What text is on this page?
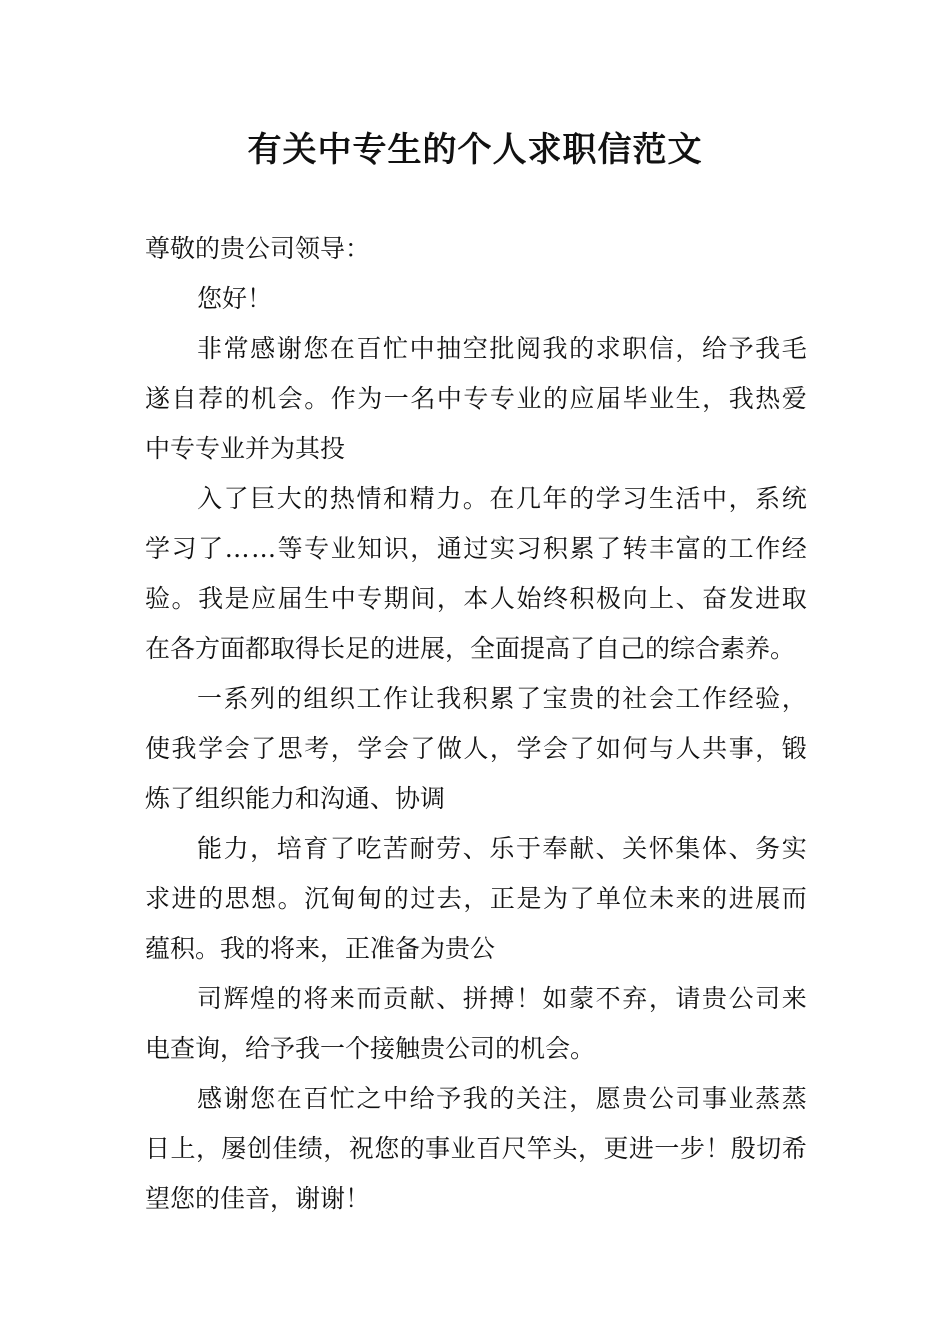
有关中专生的个人求职信范文
尊敬的贵公司领导：
您好！
非 常 感 谢 您 在 百 忙 中 抽 空 批 阅 我 的 求 职 信 ， 给 予 我 毛
遂 自 荐 的 机 会 。 作 为 一 名 中 专 专 业 的 应 届 毕 业 生 ， 我 热 爱
中专专业并为其投
入 了 巨 大 的 热 情 和 精 力 。 在 几 年 的 学 习 生 活 中 ， 系 统
学 习 了 … … 等 专 业 知 识 ， 通 过 实 习 积 累 了 转 丰 富 的 工 作 经
验 。 我 是 应 届 生 中 专 期 间 ， 本 人 始 终 积 极 向 上 、 奋 发 进 取
在各方面都取得长足的进展，全面提高了自己的综合素养。
一 系 列 的 组 织 工 作 让 我 积 累 了 宝 贵 的 社 会 工 作 经 验 ，
使 我 学 会 了 思 考 ， 学 会 了 做 人 ， 学 会 了 如 何 与 人 共 事 ， 锻
炼了组织能力和沟通、协调
能 力 ， 培 育 了 吃 苦 耐 劳 、 乐 于 奉 献 、 关 怀 集 体 、 务 实
求 进 的 思 想 。 沉 甸 甸 的 过 去 ， 正 是 为 了 单 位 未 来 的 进 展 而
蕴积。我的将来，正准备为贵公
司 辉 煌 的 将 来 而 贡 献 、 拼 搏 ！ 如 蒙 不 弃 ， 请 贵 公 司 来
电查询，给予我一个接触贵公司的机会。
感 谢 您 在 百 忙 之 中 给 予 我 的 关 注 ， 愿 贵 公 司 事 业 蒸 蒸
日 上 ， 屡 创 佳 绩 ， 祝 您 的 事 业 百 尺 竿 头 ， 更 进 一 步 ！ 殷 切 希
望您的佳音，谢谢！
